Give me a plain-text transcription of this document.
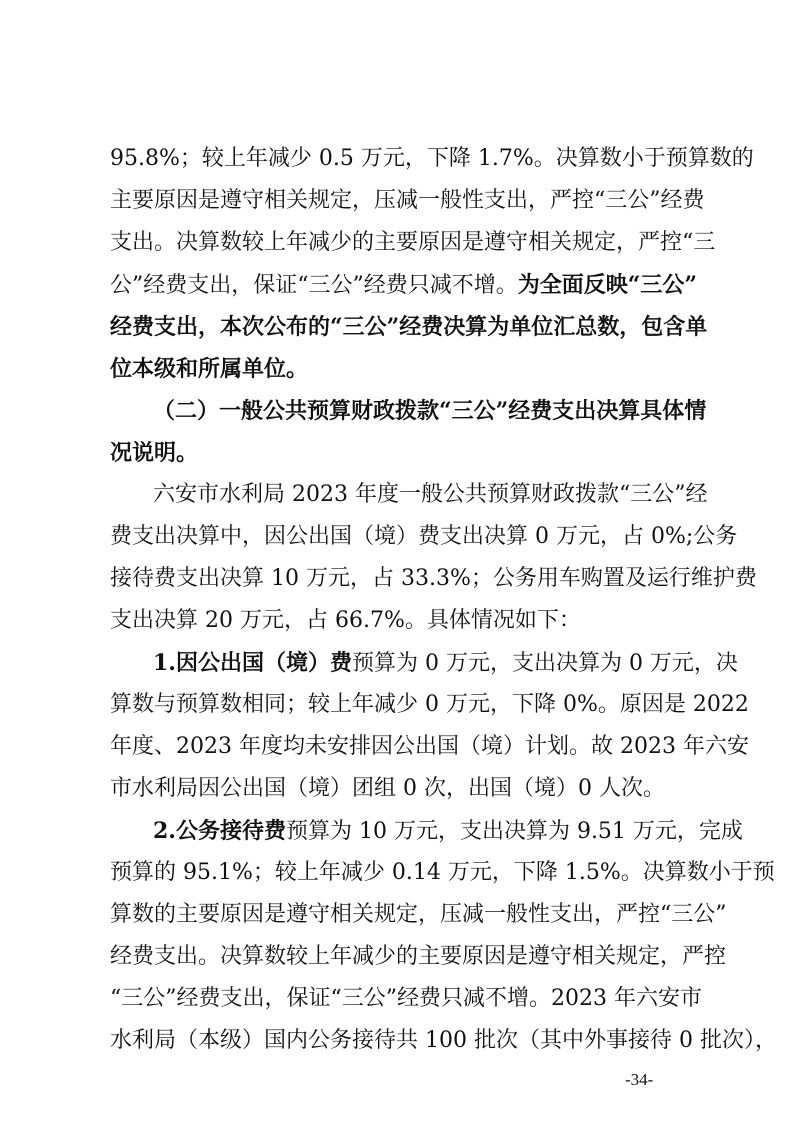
95.8%；较上年减少 0.5 万元，下降 1.7%。决算数小于预算数的
主要原因是遵守相关规定，压减一般性支出，严控“三公”经费
支出。决算数较上年减少的主要原因是遵守相关规定，严控“三
公”经费支出，保证“三公”经费只减不增。为全面反映“三公”
经费支出，本次公布的“三公”经费决算为单位汇总数，包含单
位本级和所属单位。
（二）一般公共预算财政拨款“三公”经费支出决算具体情
况说明。
六安市水利局 2023 年度一般公共预算财政拨款“三公”经
费支出决算中，因公出国（境）费支出决算 0 万元，占 0%;公务
接待费支出决算 10 万元，占 33.3%；公务用车购置及运行维护费
支出决算 20 万元，占 66.7%。具体情况如下：
1.因公出国（境）费预算为 0 万元，支出决算为 0 万元，决
算数与预算数相同；较上年减少 0 万元，下降 0%。原因是 2022
年度、2023 年度均未安排因公出国（境）计划。故 2023 年六安
市水利局因公出国（境）团组 0 次，出国（境）0 人次。
2.公务接待费预算为 10 万元，支出决算为 9.51 万元，完成
预算的 95.1%；较上年减少 0.14 万元，下降 1.5%。决算数小于预
算数的主要原因是遵守相关规定，压减一般性支出，严控“三公”
经费支出。决算数较上年减少的主要原因是遵守相关规定，严控
“三公”经费支出，保证“三公”经费只减不增。2023 年六安市
水利局（本级）国内公务接待共 100 批次（其中外事接待 0 批次），
-34-
